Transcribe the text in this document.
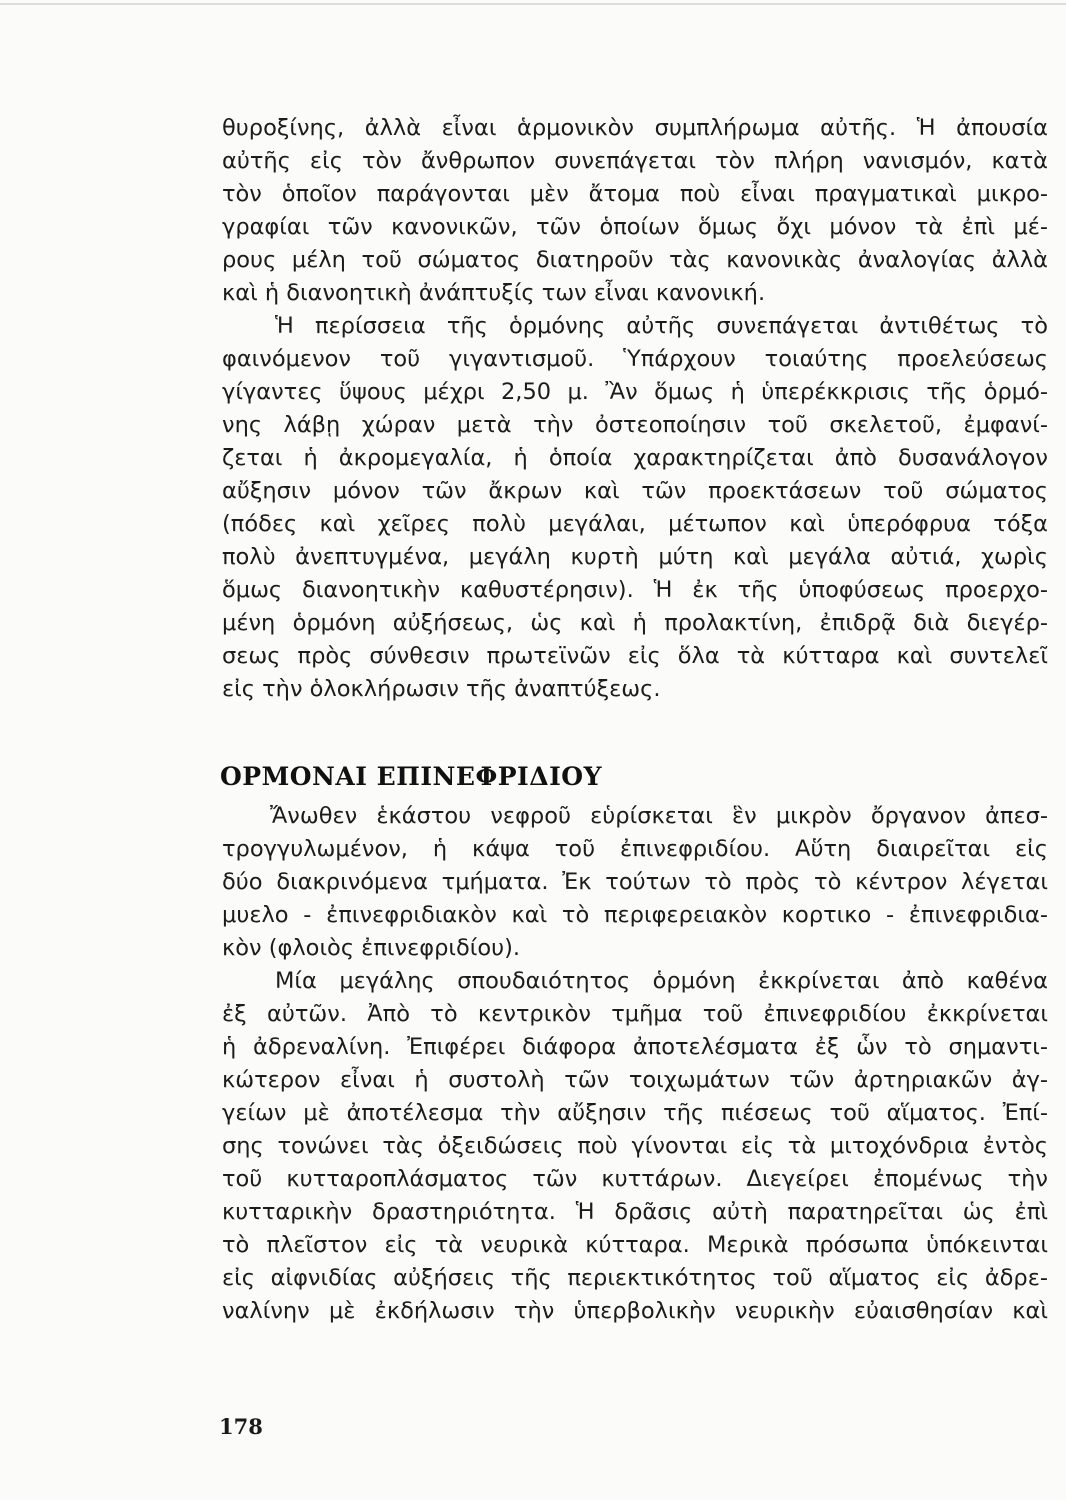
θυροξίνης, ἀλλὰ εἶναι ἁρμονικὸν συμπλήρωμα αὐτῆς. Ἡ ἀπουσία
αὐτῆς εἰς τὸν ἄνθρωπον συνεπάγεται τὸν πλήρη νανισμόν, κατὰ
τὸν ὁποῖον παράγονται μὲν ἄτομα ποὺ εἶναι πραγματικαὶ μικρο-
γραφίαι τῶν κανονικῶν, τῶν ὁποίων ὅμως ὄχι μόνον τὰ ἐπὶ μέ-
ρους μέλη τοῦ σώματος διατηροῦν τὰς κανονικὰς ἀναλογίας ἀλλὰ
καὶ ἡ διανοητικὴ ἀνάπτυξίς των εἶναι κανονική.
Ἡ περίσσεια τῆς ὁρμόνης αὐτῆς συνεπάγεται ἀντιθέτως τὸ
φαινόμενον τοῦ γιγαντισμοῦ. Ὑπάρχουν τοιαύτης προελεύσεως
γίγαντες ὕψους μέχρι 2,50 μ. Ἂν ὅμως ἡ ὑπερέκκρισις τῆς ὁρμό-
νης λάβῃ χώραν μετὰ τὴν ὀστεοποίησιν τοῦ σκελετοῦ, ἐμφανί-
ζεται ἡ ἀκρομεγαλία, ἡ ὁποία χαρακτηρίζεται ἀπὸ δυσανάλογον
αὔξησιν μόνον τῶν ἄκρων καὶ τῶν προεκτάσεων τοῦ σώματος
(πόδες καὶ χεῖρες πολὺ μεγάλαι, μέτωπον καὶ ὑπερόφρυα τόξα
πολὺ ἀνεπτυγμένα, μεγάλη κυρτὴ μύτη καὶ μεγάλα αὐτιά, χωρὶς
ὅμως διανοητικὴν καθυστέρησιν). Ἡ ἐκ τῆς ὑποφύσεως προερχο-
μένη ὁρμόνη αὐξήσεως, ὡς καὶ ἡ προλακτίνη, ἐπιδρᾷ διὰ διεγέρ-
σεως πρὸς σύνθεσιν πρωτεϊνῶν εἰς ὅλα τὰ κύτταρα καὶ συντελεῖ
εἰς τὴν ὁλοκλήρωσιν τῆς ἀναπτύξεως.
ΟΡΜΟΝΑΙ ΕΠΙΝΕΦΡΙΔΙΟΥ
Ἄνωθεν ἑκάστου νεφροῦ εὑρίσκεται ἓν μικρὸν ὄργανον ἀπεσ-
τρογγυλωμένον, ἡ κάψα τοῦ ἐπινεφριδίου. Αὕτη διαιρεῖται εἰς
δύο διακρινόμενα τμήματα. Ἐκ τούτων τὸ πρὸς τὸ κέντρον λέγεται
μυελο - ἐπινεφριδιακὸν καὶ τὸ περιφερειακὸν κορτικο - ἐπινεφριδια-
κὸν (φλοιὸς ἐπινεφριδίου).
Μία μεγάλης σπουδαιότητος ὁρμόνη ἐκκρίνεται ἀπὸ καθένα
ἐξ αὐτῶν. Ἀπὸ τὸ κεντρικὸν τμῆμα τοῦ ἐπινεφριδίου ἐκκρίνεται
ἡ ἀδρεναλίνη. Ἐπιφέρει διάφορα ἀποτελέσματα ἐξ ὧν τὸ σημαντι-
κώτερον εἶναι ἡ συστολὴ τῶν τοιχωμάτων τῶν ἀρτηριακῶν ἀγ-
γείων μὲ ἀποτέλεσμα τὴν αὔξησιν τῆς πιέσεως τοῦ αἵματος. Ἐπί-
σης τονώνει τὰς ὀξειδώσεις ποὺ γίνονται εἰς τὰ μιτοχόνδρια ἐντὸς
τοῦ κυτταροπλάσματος τῶν κυττάρων. Διεγείρει ἐπομένως τὴν
κυτταρικὴν δραστηριότητα. Ἡ δρᾶσις αὐτὴ παρατηρεῖται ὡς ἐπὶ
τὸ πλεῖστον εἰς τὰ νευρικὰ κύτταρα. Μερικὰ πρόσωπα ὑπόκεινται
εἰς αἰφνιδίας αὐξήσεις τῆς περιεκτικότητος τοῦ αἵματος εἰς ἀδρε-
ναλίνην μὲ ἐκδήλωσιν τὴν ὑπερβολικὴν νευρικὴν εὐαισθησίαν καὶ
178
